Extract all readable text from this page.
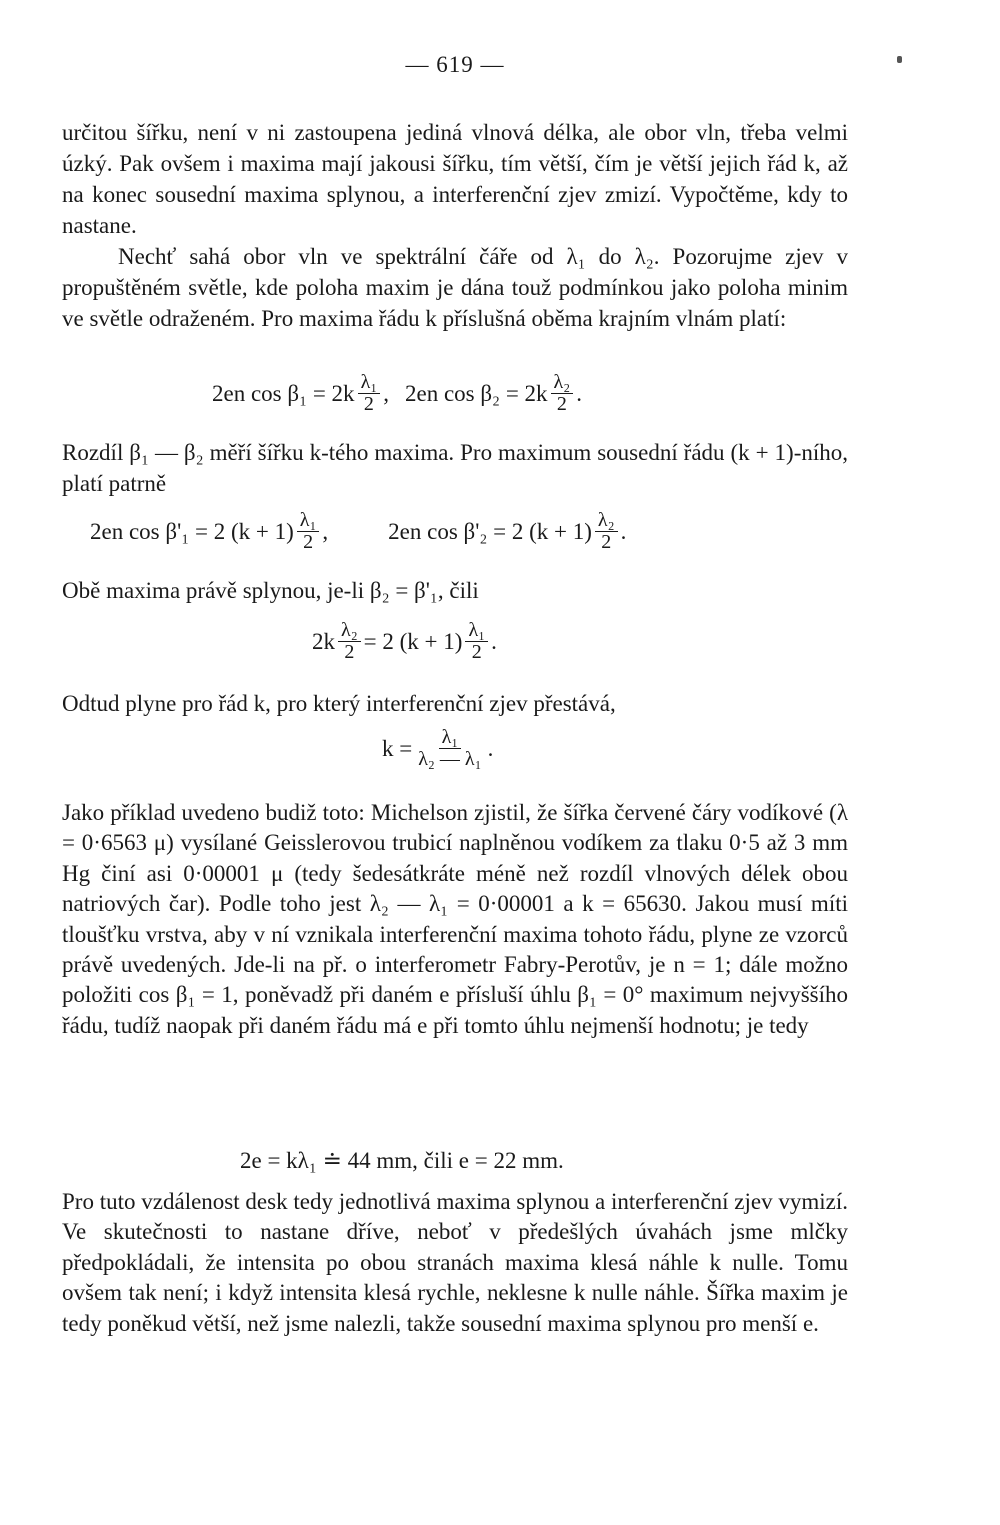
— 619 —

určitou šířku, není v ni zastoupena jediná vlnová délka, ale obor vln, třeba velmi úzký. Pak ovšem i maxima mají jakousi šířku, tím větší, čím je větší jejich řád k, až na konec sousední maxima splynou, a interferenční zjev zmizí. Vypočtěme, kdy to nastane.

Nechť sahá obor vln ve spektrální čáře od λ₁ do λ₂. Pozorujme zjev v propuštěném světle, kde poloha maxim je dána touž podmínkou jako poloha minim ve světle odraženém. Pro maxima řádu k příslušná oběma krajním vlnám platí:

2en $\cos \beta_1 = 2k \frac{\text{λ₁}}{2}$ , 2en $\cos \beta_2 = 2k \frac{\text{λ₂}}{2}$ .

Rozdíl β₁ — β₂ měří šířku k-tého maxima. Pro maximum sousední řádu (k + 1)-ního, platí patrně

2en cos β'₁ = 2 $(k + 1) \frac{\text{λ₁}}{2}$ ,	2en cos β'₂ = 2 $(k + 1) \frac{\text{λ₂}}{2}$ .

Obě maxima právě splynou, je-li β₂ = β'₁, čili

$2k \frac{\text{λ₂}}{2} = 2$ $(k + 1) \frac{\text{λ₁}}{2}$ .

Odtud plyne pro řád k, pro který interferenční zjev přestává,

$k = \frac{\text{λ₁}}{\text{λ₂ — λ₁}}$ .

Jako příklad uvedeno budiž toto: Michelson zjistil, že šířka červené čáry vodíkové (λ = 0·6563 μ) vysílané Geisslerovou trubicí naplněnou vodíkem za tlaku 0·5 až 3 mm Hg činí asi 0·00001 μ (tedy šedesátkráte méně než rozdíl vlnových délek obou natriových čar). Podle toho jest λ₂ — λ₁ = 0·00001 a k = 65630. Jakou musí míti tloušťku vrstva, aby v ní vznikala interferenční maxima tohoto řádu, plyne ze vzorců právě uvedených. Jde-li na př. o interferometr Fabry-Perotův, je n = 1; dále možno položiti cos β₁ = 1, poněvadž při daném e přísluší úhlu β₁ = 0° maximum nejvyššího řádu, tudíž naopak při daném řádu má e při tomto úhlu nejmenší hodnotu; je tedy

2e = kλ₁ ≐ 44 mm, čili e = 22 mm.

Pro tuto vzdálenost desk tedy jednotlivá maxima splynou a interferenční zjev vymizí. Ve skutečnosti to nastane dříve, neboť v předešlých úvahách jsme mlčky předpokládali, že intensita po obou stranách maxima klesá náhle k nulle. Tomu ovšem tak není; i když intensita klesá rychle, neklesne k nulle náhle. Šířka maxim je tedy poněkud větší, než jsme nalezli, takže sousední maxima splynou pro menší e.
